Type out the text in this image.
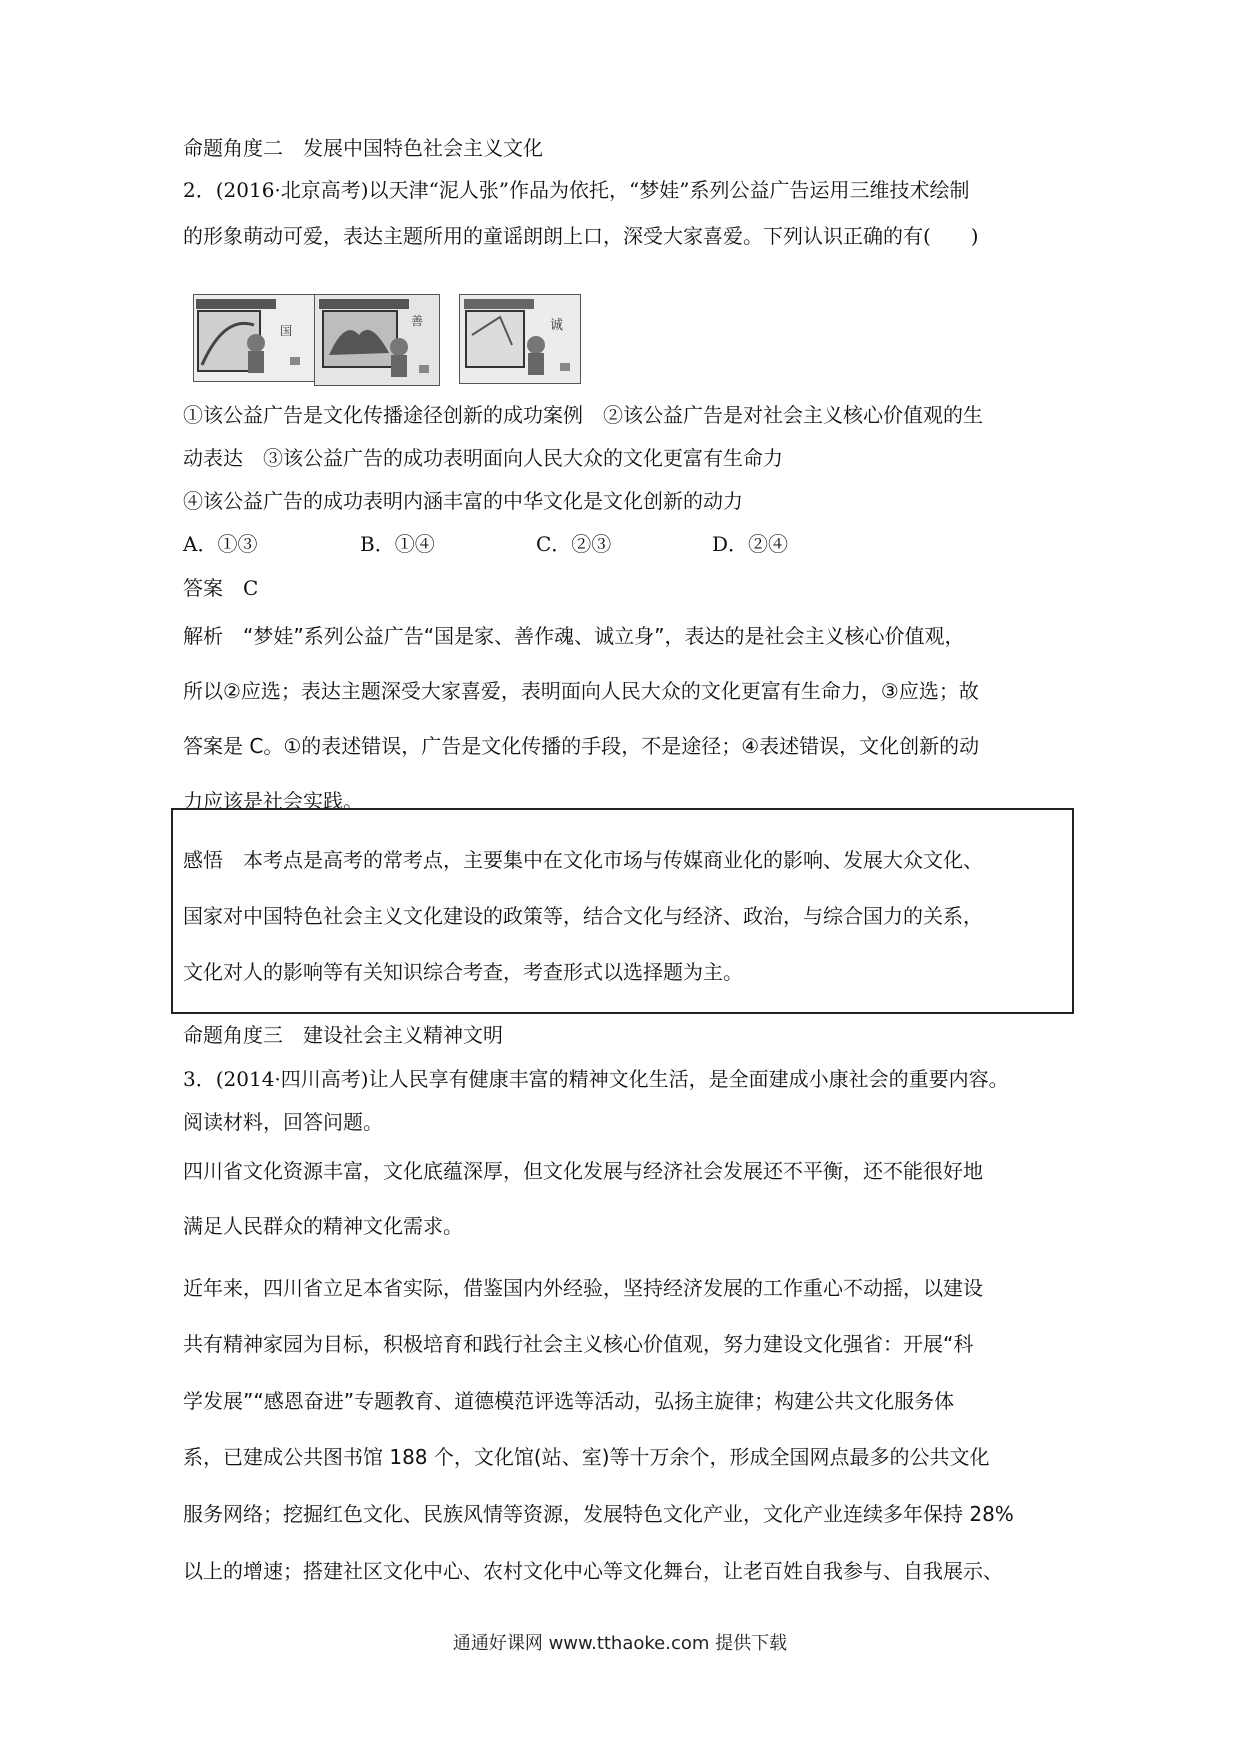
命题角度二　发展中国特色社会主义文化
2．(2016·北京高考)以天津“泥人张”作品为依托，“梦娃”系列公益广告运用三维技术绘制
的形象萌动可爱，表达主题所用的童谣朗朗上口，深受大家喜爱。下列认识正确的有(　　)
国
善	诚
①该公益广告是文化传播途径创新的成功案例　②该公益广告是对社会主义核心价值观的生
动表达　③该公益广告的成功表明面向人民大众的文化更富有生命力
④该公益广告的成功表明内涵丰富的中华文化是文化创新的动力
A．①③	B．①④	C．②③	D．②④
答案　C
解析　“梦娃”系列公益广告“国是家、善作魂、诚立身”，表达的是社会主义核心价值观，
所以②应选；表达主题深受大家喜爱，表明面向人民大众的文化更富有生命力，③应选；故
答案是 C。①的表述错误，广告是文化传播的手段，不是途径；④表述错误，文化创新的动
力应该是社会实践。
感悟　本考点是高考的常考点，主要集中在文化市场与传媒商业化的影响、发展大众文化、
国家对中国特色社会主义文化建设的政策等，结合文化与经济、政治，与综合国力的关系，
文化对人的影响等有关知识综合考查，考查形式以选择题为主。
命题角度三　建设社会主义精神文明
3．(2014·四川高考)让人民享有健康丰富的精神文化生活，是全面建成小康社会的重要内容。
阅读材料，回答问题。
四川省文化资源丰富，文化底蕴深厚，但文化发展与经济社会发展还不平衡，还不能很好地
满足人民群众的精神文化需求。
近年来，四川省立足本省实际，借鉴国内外经验，坚持经济发展的工作重心不动摇，以建设
共有精神家园为目标，积极培育和践行社会主义核心价值观，努力建设文化强省：开展“科
学发展”“感恩奋进”专题教育、道德模范评选等活动，弘扬主旋律；构建公共文化服务体
系，已建成公共图书馆 188 个，文化馆(站、室)等十万余个，形成全国网点最多的公共文化
服务网络；挖掘红色文化、民族风情等资源，发展特色文化产业，文化产业连续多年保持 28%
以上的增速；搭建社区文化中心、农村文化中心等文化舞台，让老百姓自我参与、自我展示、
通通好课网 www.tthaoke.com 提供下载
